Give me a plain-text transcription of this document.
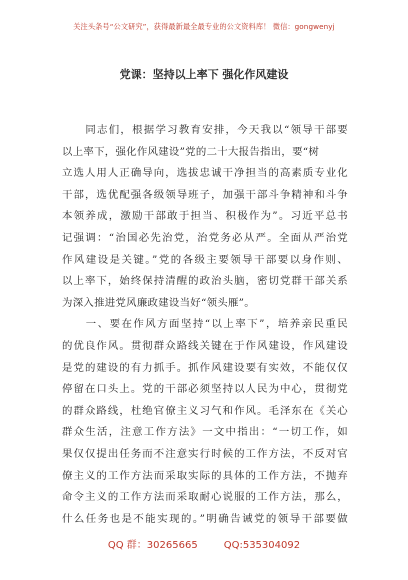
关注头条号“公文研究”，获得最新最全最专业的公文资料库！ 微信：gongwenyj
党课：坚持以上率下 强化作风建设
　　同志们，根据学习教育安排，今天我以“领导干部要
以上率下，强化作风建设”党的二十大报告指出，要“树
立选人用人正确导向，选拔忠诚干净担当的高素质专业化
干部，选优配强各级领导班子，加强干部斗争精神和斗争
本领养成，激励干部敢于担当、积极作为”。习近平总书
记强调：“治国必先治党，治党务必从严。全面从严治党
作风建设是关键。”党的各级主要领导干部要以身作则、
以上率下，始终保持清醒的政治头脑，密切党群干部关系
为深入推进党风廉政建设当好“领头雁”。
　　一、要在作风方面坚持“以上率下”，培养亲民重民
的优良作风。贯彻群众路线关键在于作风建设，作风建设
是党的建设的有力抓手。抓作风建设要有实效，不能仅仅
停留在口头上。党的干部必须坚持以人民为中心，贯彻党
的群众路线，杜绝官僚主义习气和作风。毛泽东在《关心
群众生活，注意工作方法》一文中指出：“一切工作，如
果仅仅提出任务而不注意实行时候的工作方法，不反对官
僚主义的工作方法而采取实际的具体的工作方法，不抛弃
命令主义的工作方法而采取耐心说服的工作方法，那么，
什么任务也是不能实现的。”明确告诫党的领导干部要做
QQ 群：30265665	QQ:535304092
